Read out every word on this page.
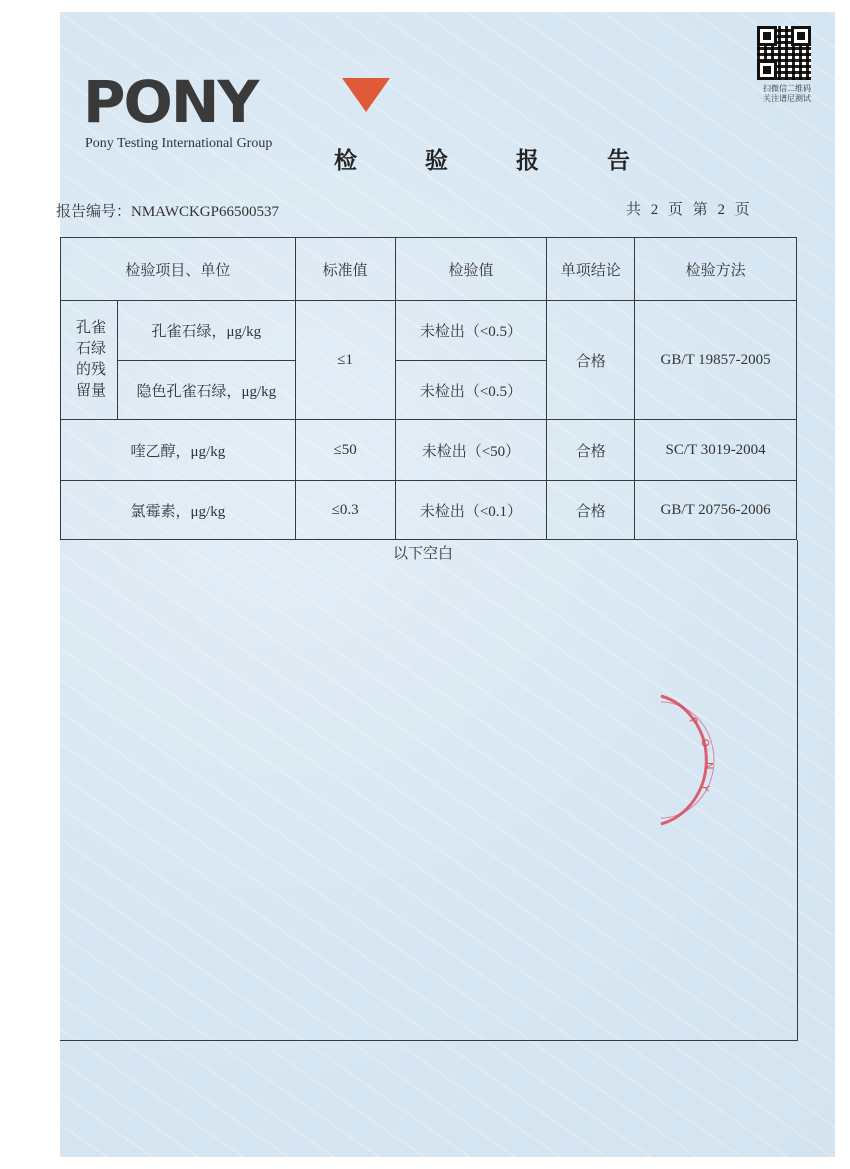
PONY
Pony Testing International Group
扫微信二维码
关注谱尼测试
检 验 报 告
报告编号：NMAWCKGP66500537	共 2 页 第 2 页
检验项目、单位		标准值	检验值	单项结论	检验方法
孔雀石绿的残留量	孔雀石绿，μg/kg	≤1	未检出（<0.5）	合格	GB/T 19857-2005
	隐色孔雀石绿，μg/kg		未检出（<0.5）		
喹乙醇，μg/kg		≤50	未检出（<50）	合格	SC/T 3019-2004
氯霉素，μg/kg		≤0.3	未检出（<0.1）	合格	GB/T 20756-2006
以下空白
P
O
N
Y
